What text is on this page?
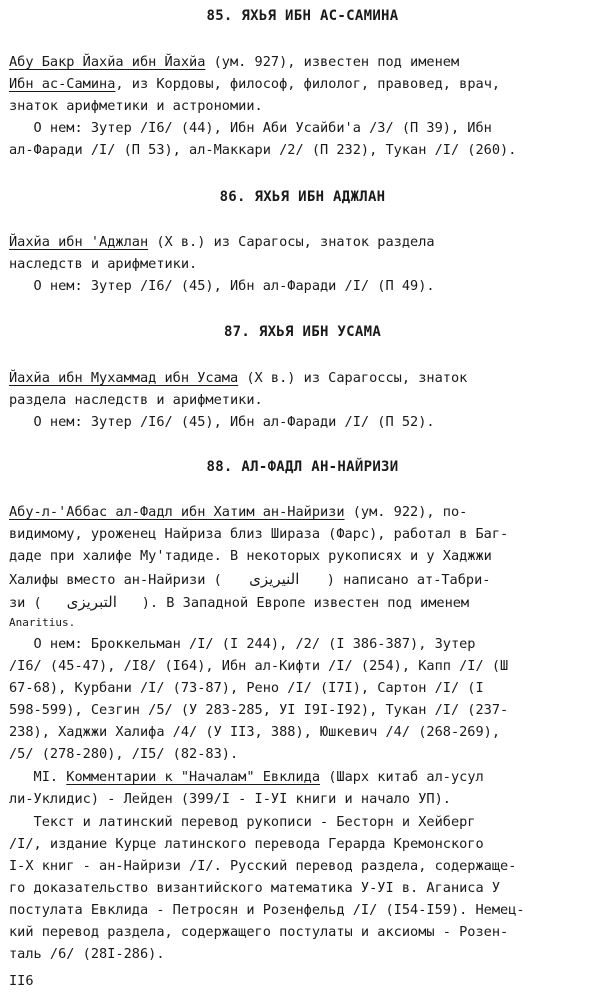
85. ЯХЬЯ ИБН АС-САМИНА
Абу Бакр Йахйа ибн Йахйа (ум. 927), известен под именем
Ибн ас-Самина, из Кордовы, философ, филолог, правовед, врач,
знаток арифметики и астрономии.
О нем: Зутер /I6/ (44), Ибн Аби Усайби'а /3/ (П 39), Ибн
ал-Фаради /I/ (П 53), ал-Маккари /2/ (П 232), Тукан /I/ (260).
86. ЯХЬЯ ИБН АДЖЛАН
Йахйа ибн 'Аджлан (X в.) из Сарагосы, знаток раздела
наследств и арифметики.
О нем: Зутер /I6/ (45), Ибн ал-Фаради /I/ (П 49).
87. ЯХЬЯ ИБН УСАМА
Йахйа ибн Мухаммад ибн Усама (X в.) из Сарагоссы, знаток
раздела наследств и арифметики.
О нем: Зутер /I6/ (45), Ибн ал-Фаради /I/ (П 52).
88. АЛ-ФАДЛ АН-НАЙРИЗИ
Абу-л-'Аббас ал-Фадл ибн Хатим ан-Найризи (ум. 922), по-
видимому, уроженец Найриза близ Шираза (Фарс), работал в Баг-
даде при халифе Му'тадиде. В некоторых рукописях и у Хаджжи
Халифы вместо ан-Найризи ( النيريزى ) написано ат-Табри-
зи ( التبريزى ). В Западной Европе известен под именем
Anaritius.
О нем: Броккельман /I/ (I 244), /2/ (I 386-387), Зутер
/I6/ (45-47), /I8/ (I64), Ибн ал-Кифти /I/ (254), Капп /I/ (Ш
67-68), Курбани /I/ (73-87), Рено /I/ (I7I), Сартон /I/ (I
598-599), Сезгин /5/ (У 283-285, УI I9I-I92), Тукан /I/ (237-
238), Хаджжи Халифа /4/ (У II3, 388), Юшкевич /4/ (268-269),
/5/ (278-280), /I5/ (82-83).
MI. Комментарии к "Началам" Евклида (Шарх китаб ал-усул
ли-Уклидис) - Лейден (399/I - I-УI книги и начало УП).
Текст и латинский перевод рукописи - Бесторн и Хейберг
/I/, издание Курце латинского перевода Герарда Кремонского
I-X книг - ан-Найризи /I/. Русский перевод раздела, содержаще-
го доказательство византийского математика У-УI в. Аганиса У
постулата Евклида - Петросян и Розенфельд /I/ (I54-I59). Немец-
кий перевод раздела, содержащего постулаты и аксиомы - Розен-
таль /6/ (28I-286).
II6
